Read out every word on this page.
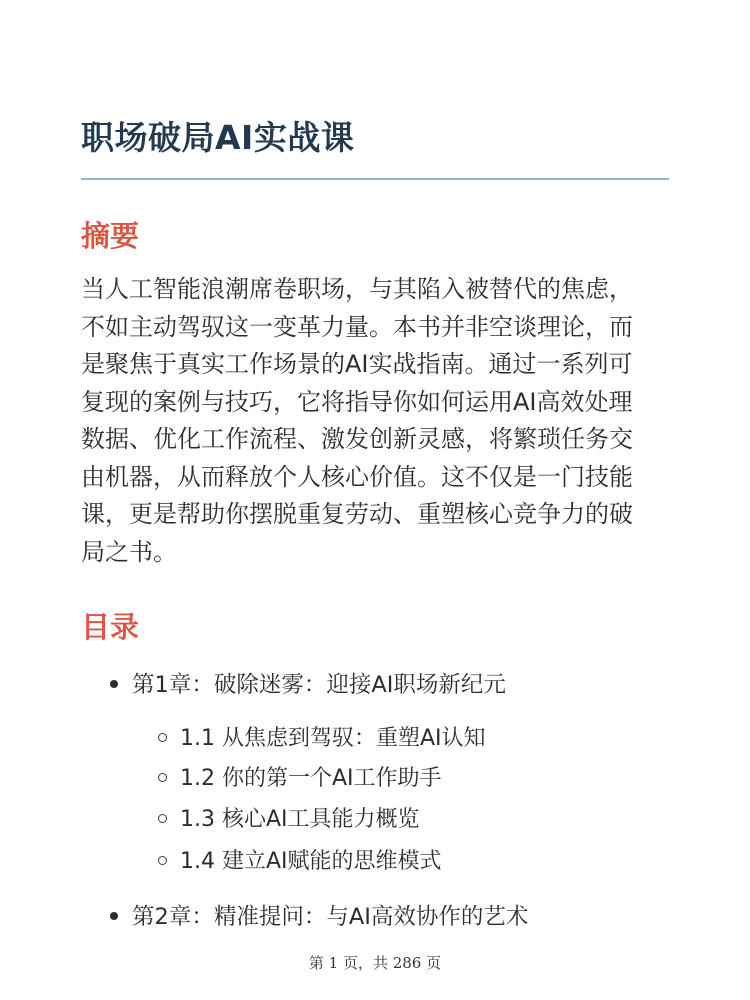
职场破局AI实战课
摘要
当人工智能浪潮席卷职场，与其陷入被替代的焦虑，
不如主动驾驭这一变革力量。本书并非空谈理论，而
是聚焦于真实工作场景的AI实战指南。通过一系列可
复现的案例与技巧，它将指导你如何运用AI高效处理
数据、优化工作流程、激发创新灵感，将繁琐任务交
由机器，从而释放个人核心价值。这不仅是一门技能
课，更是帮助你摆脱重复劳动、重塑核心竞争力的破
局之书。
目录
第1章：破除迷雾：迎接AI职场新纪元
1.1 从焦虑到驾驭：重塑AI认知
1.2 你的第一个AI工作助手
1.3 核心AI工具能力概览
1.4 建立AI赋能的思维模式
第2章：精准提问：与AI高效协作的艺术
第 1 页，共 286 页
